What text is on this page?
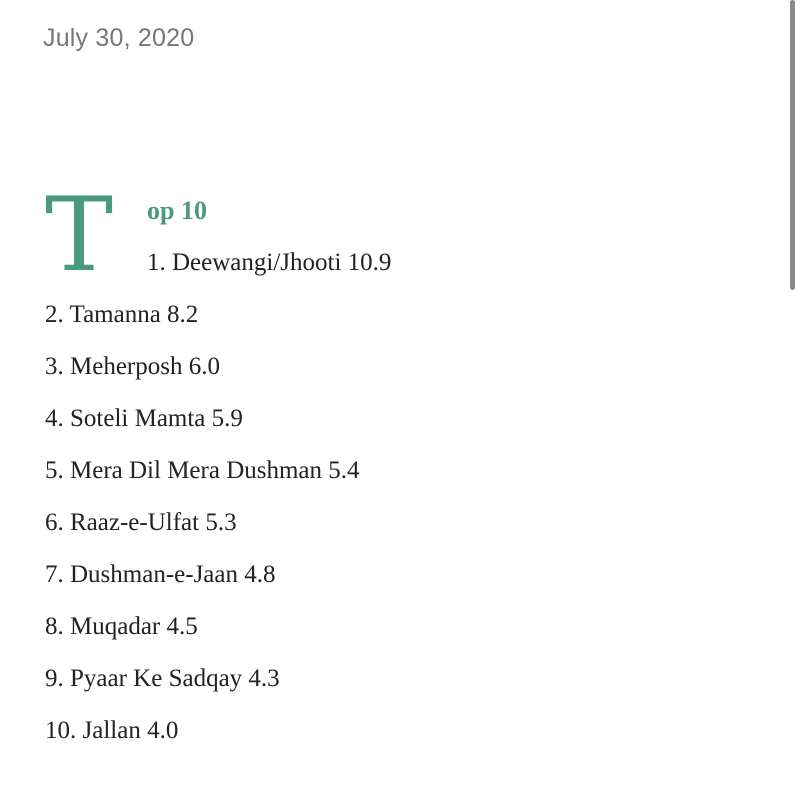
July 30, 2020
T op 10
1. Deewangi/Jhooti 10.9
2. Tamanna 8.2
3. Meherposh 6.0
4. Soteli Mamta 5.9
5. Mera Dil Mera Dushman 5.4
6. Raaz-e-Ulfat 5.3
7. Dushman-e-Jaan 4.8
8. Muqadar 4.5
9. Pyaar Ke Sadqay 4.3
10. Jallan 4.0
